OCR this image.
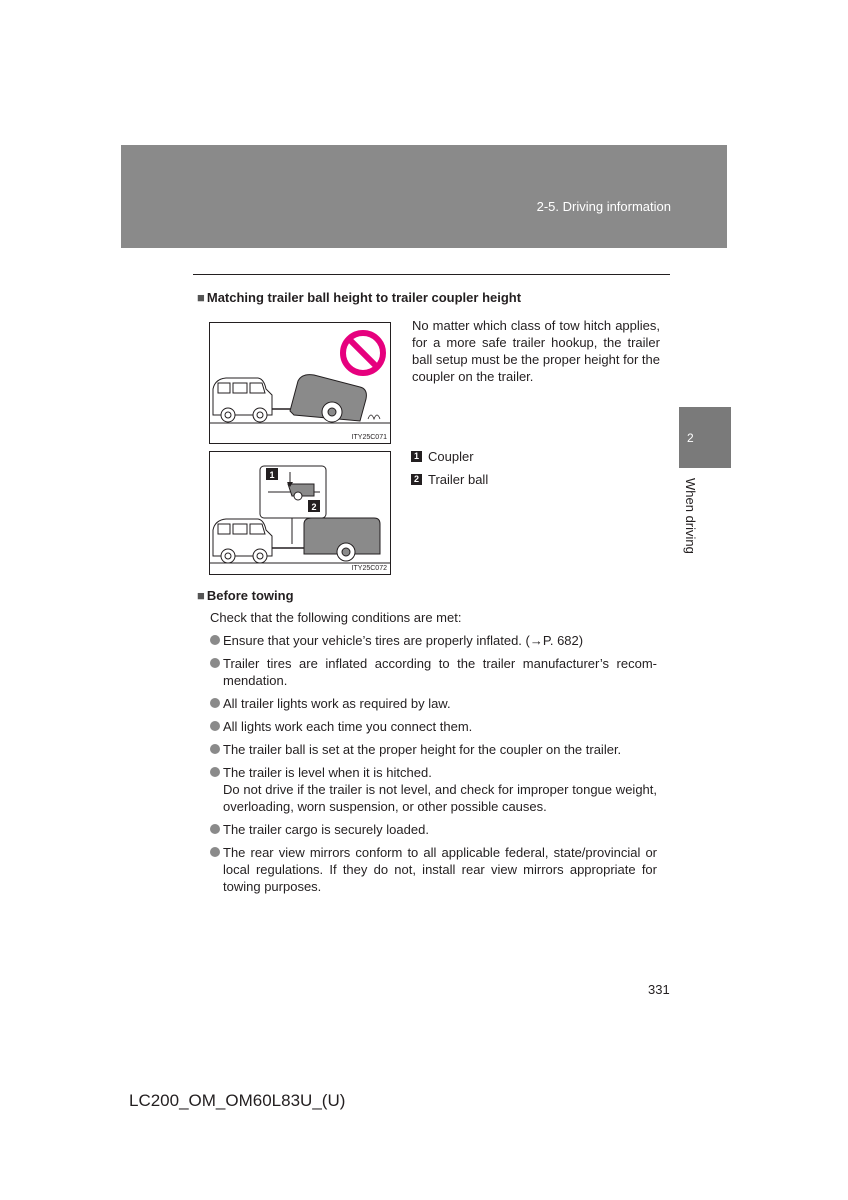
2-5. Driving information
2
When driving
■ Matching trailer ball height to trailer coupler height
ITY25C071
1
2
ITY25C072
No matter which class of tow hitch applies, for a more safe trailer hookup, the trailer ball setup must be the proper height for the coupler on the trailer.
1 Coupler
2 Trailer ball
■ Before towing
Check that the following conditions are met:
Ensure that your vehicle’s tires are properly inflated. (→P. 682)
Trailer tires are inflated according to the trailer manufacturer’s recom-mendation.
All trailer lights work as required by law.
All lights work each time you connect them.
The trailer ball is set at the proper height for the coupler on the trailer.
The trailer is level when it is hitched.
Do not drive if the trailer is not level, and check for improper tongue weight, overloading, worn suspension, or other possible causes.
The trailer cargo is securely loaded.
The rear view mirrors conform to all applicable federal, state/provincial or local regulations. If they do not, install rear view mirrors appropriate for towing purposes.
331
LC200_OM_OM60L83U_(U)
